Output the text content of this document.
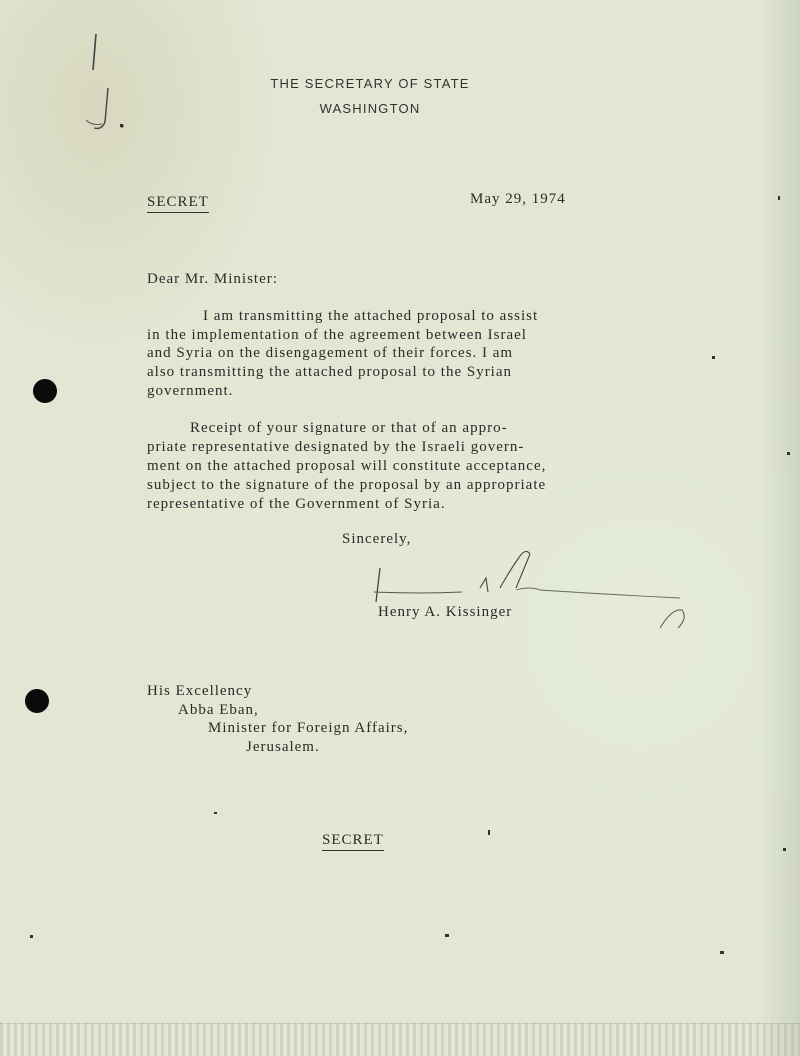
THE SECRETARY OF STATE
WASHINGTON
SECRET	May 29, 1974
Dear Mr. Minister:
I am transmitting the attached proposal to assist
in the implementation of the agreement between Israel
and Syria on the disengagement of their forces. I am
also transmitting the attached proposal to the Syrian
government.
Receipt of your signature or that of an appro-
priate representative designated by the Israeli govern-
ment on the attached proposal will constitute acceptance,
subject to the signature of the proposal by an appropriate
representative of the Government of Syria.
Sincerely,
Henry A. Kissinger
His Excellency
Abba Eban,
Minister for Foreign Affairs,
Jerusalem.
SECRET
